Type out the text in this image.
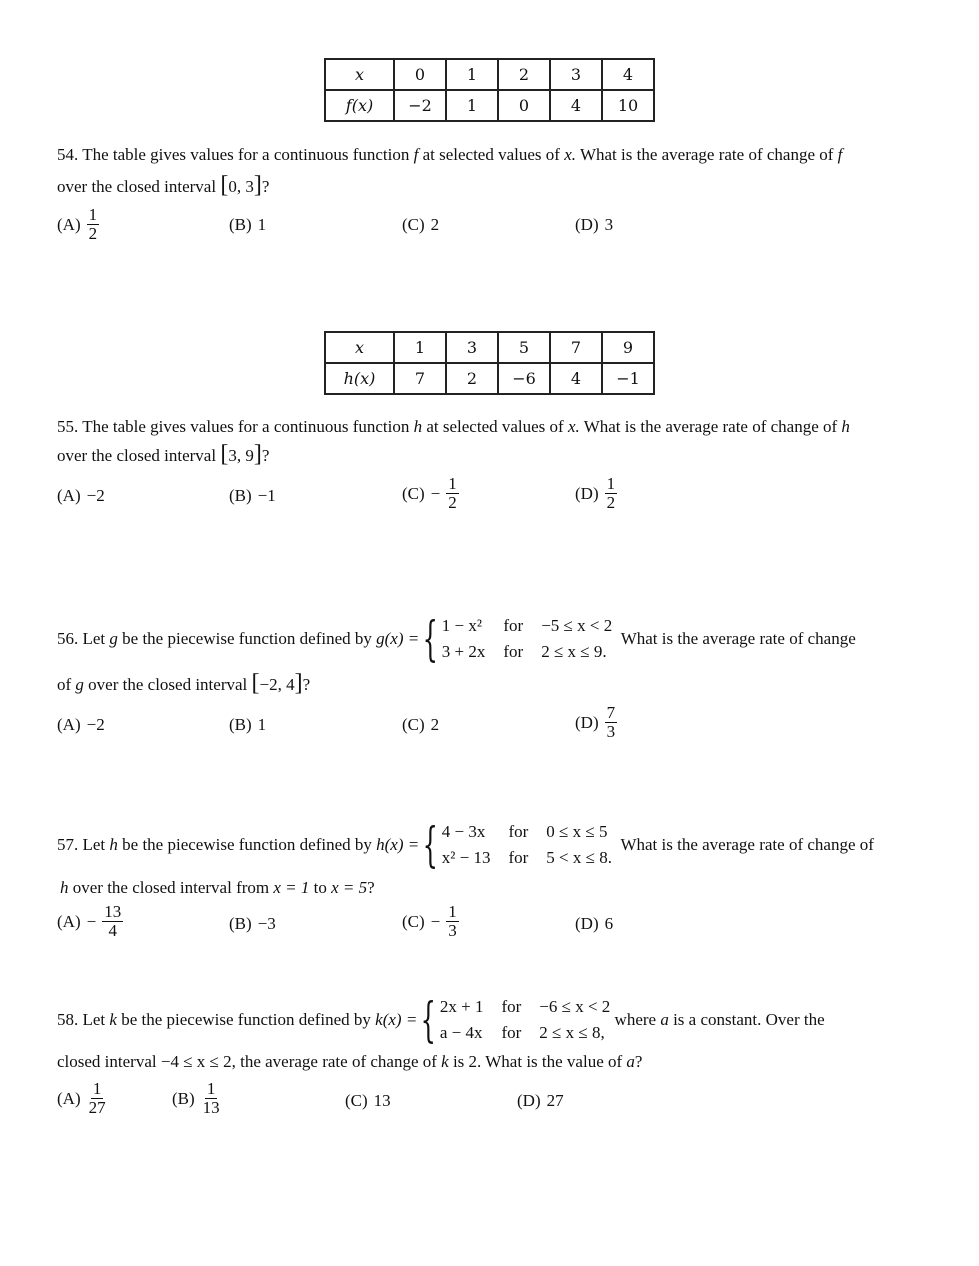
x	0	1	2	3	4
f(x)	−2	1	0	4	10
54. The table gives values for a continuous function f at selected values of x. What is the average rate of change of f
over the closed interval [0, 3]?
$(A) \frac{1}{2}$	(B) 1	(C) 2	(D) 3
x	1	3	5	7	9
h(x)	7	2	−6	4	−1
55. The table gives values for a continuous function h at selected values of x. What is the average rate of change of h
over the closed interval [3, 9]?
(A) −2	(B) −1	$(C) - \frac{1}{2}$	$(D) \frac{1}{2}$
56. Let
g
be the piecewise function defined by
g(x) = { 1 − x² for −5 ≤ x < 2
3 + 2x for 2 ≤ x ≤ 9.

What is the average rate of change
of g over the closed interval [−2, 4]?
(A) −2	(B) 1	(C) 2	$(D) \frac{7}{3}$
57. Let
h
be the piecewise function defined by
h(x) = { 4 − 3x for 0 ≤ x ≤ 5
x² − 13 for 5 < x ≤ 8.

What is the average rate of change of
h over the closed interval from x = 1 to x = 5?
$(A) - \frac{13}{4}$	(B) −3	$(C) - \frac{1}{3}$	(D) 6
58. Let
k
be the piecewise function defined by
k(x) = { 2x + 1 for −6 ≤ x < 2
a − 4x for 2 ≤ x ≤ 8,

where
a
is a constant. Over the
closed interval −4 ≤ x ≤ 2, the average rate of change of k is 2. What is the value of a?
$(A) \frac{1}{27}$	$(B) \frac{1}{13}$	(C) 13	(D) 27
